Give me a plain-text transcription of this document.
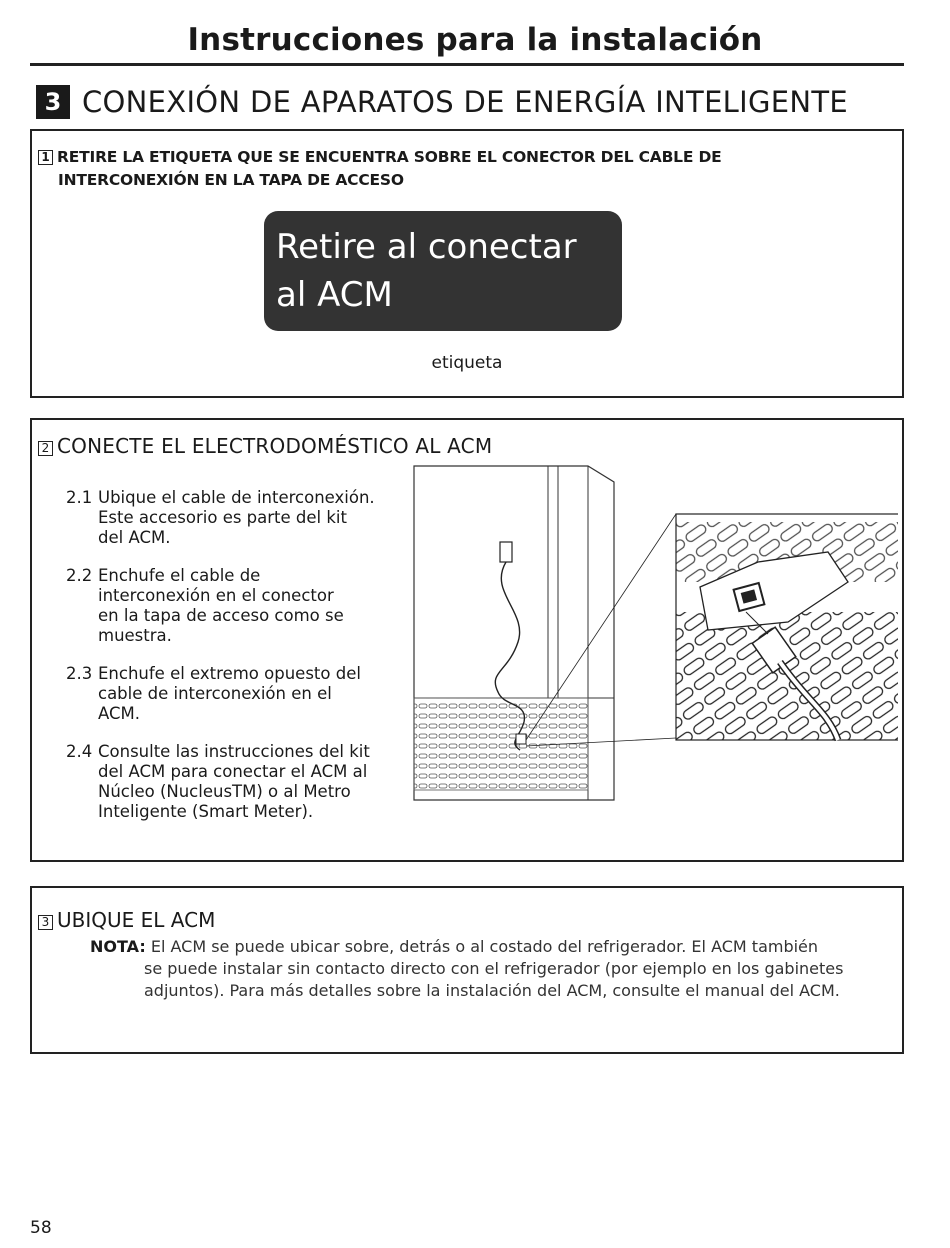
Instrucciones para la instalación
3 CONEXIÓN DE APARATOS DE ENERGÍA INTELIGENTE
1 RETIRE LA ETIQUETA QUE SE ENCUENTRA SOBRE EL CONECTOR DEL CABLE DE
INTERCONEXIÓN EN LA TAPA DE ACCESO
Retire al conectar
al ACM
etiqueta
2 CONECTE EL ELECTRODOMÉSTICO AL ACM
2.1 Ubique el cable de interconexión.
Este accesorio es parte del kit
del ACM.
2.2 Enchufe el cable de
interconexión en el conector
en la tapa de acceso como se
muestra.
2.3 Enchufe el extremo opuesto del
cable de interconexión en el
ACM.
2.4 Consulte las instrucciones del kit
del ACM para conectar el ACM al
Núcleo (NucleusTM) o al Metro
Inteligente (Smart Meter).
3 UBIQUE EL ACM
NOTA: El ACM se puede ubicar sobre, detrás o al costado del refrigerador. El ACM también
se puede instalar sin contacto directo con el refrigerador (por ejemplo en los gabinetes
adjuntos). Para más detalles sobre la instalación del ACM, consulte el manual del ACM.
58
